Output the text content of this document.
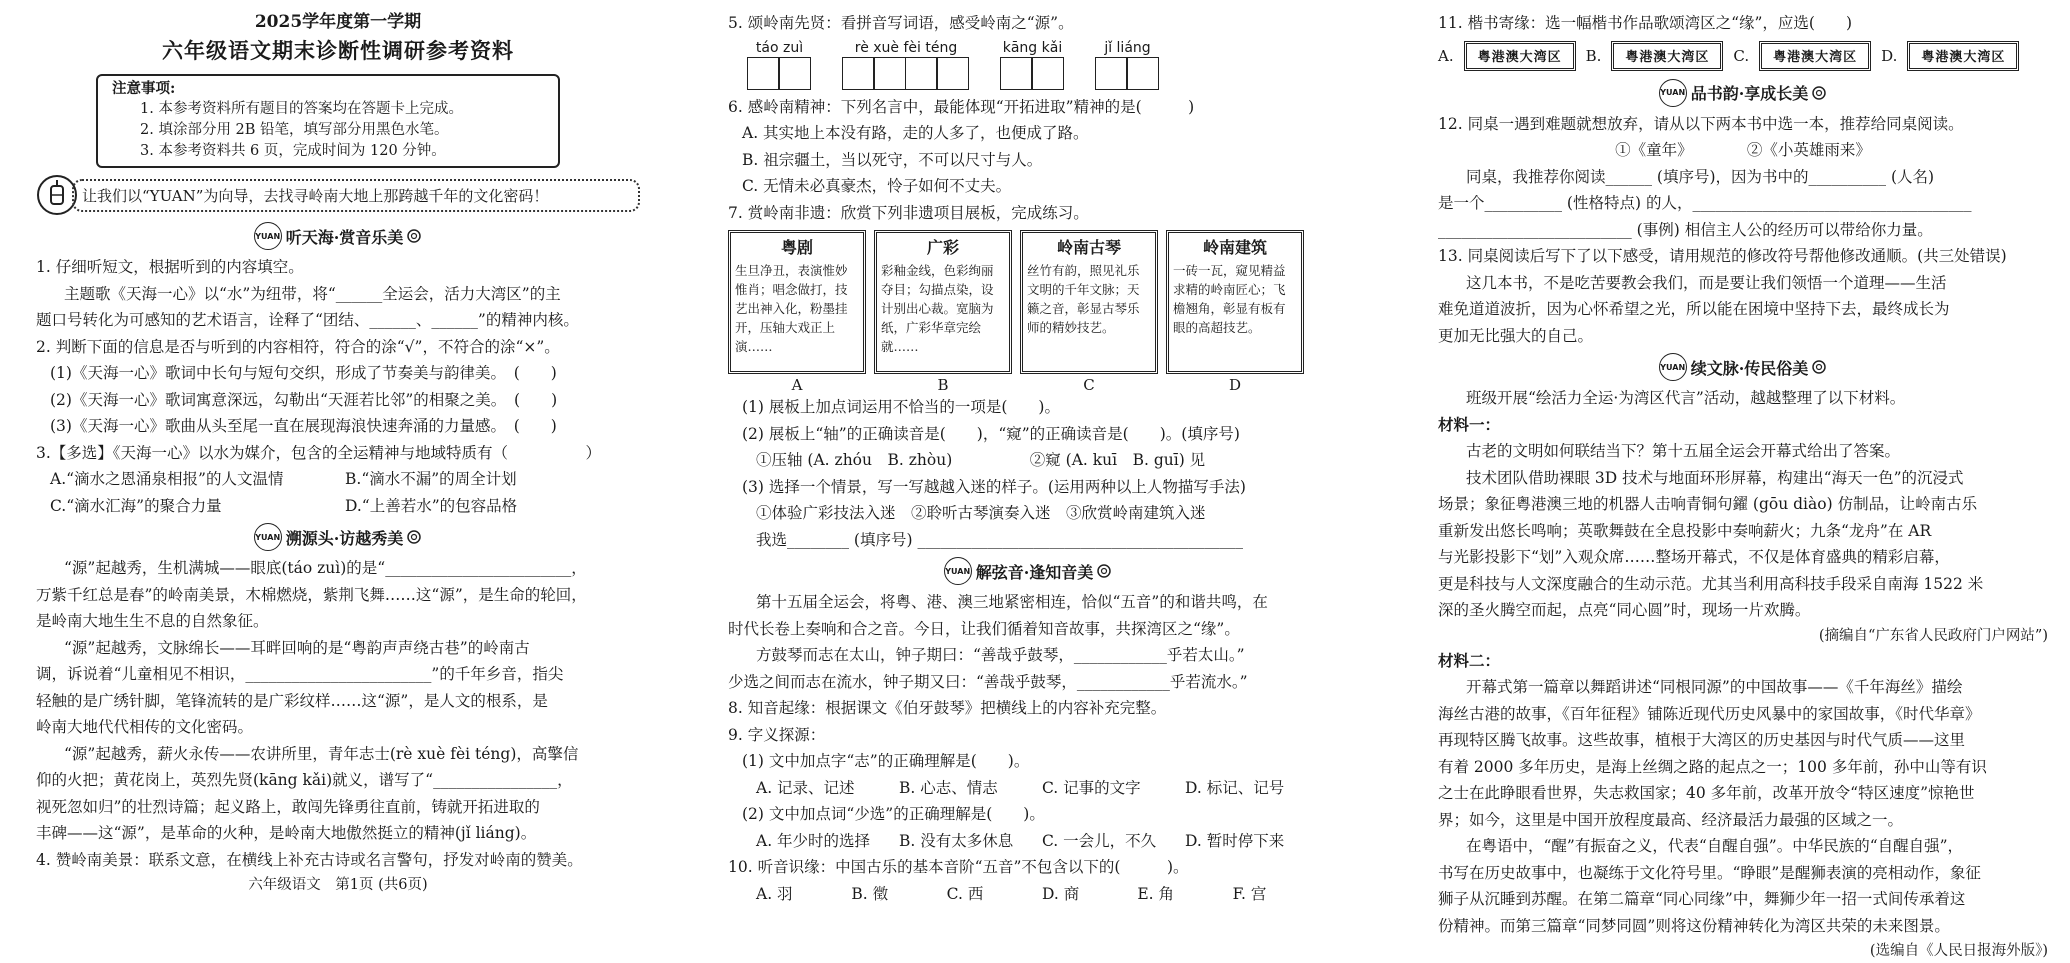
​
2025学年度第一学期
六年级语文期末诊断性调研参考资料
注意事项:
1. 本参考资料所有题目的答案均在答题卡上完成。
2. 填涂部分用 2B 铅笔，填写部分用黑色水笔。
3. 本参考资料共 6 页，完成时间为 120 分钟。
让我们以“YUAN”为向导，去找寻岭南大地上那跨越千年的文化密码！
YUAN 听天海·赏音乐美
1. 仔细听短文，根据听到的内容填空。
主题歌《天海一心》以“水”为纽带，将“______全运会，活力大湾区”的主
题口号转化为可感知的艺术语言，诠释了“团结、______、______”的精神内核。
2. 判断下面的信息是否与听到的内容相符，符合的涂“√”，不符合的涂“×”。
(1)《天海一心》歌词中长句与短句交织，形成了节奏美与韵律美。　(　　)
(2)《天海一心》歌词寓意深远，勾勒出“天涯若比邻”的相聚之美。　(　　)
(3)《天海一心》歌曲从头至尾一直在展现海浪快速奔涌的力量感。　(　　)
3.【多选】《天海一心》以水为媒介，包含的全运精神与地域特质有（　　　　　）
A.“滴水之恩涌泉相报”的人文温情	B.“滴水不漏”的周全计划
C.“滴水汇海”的聚合力量	D.“上善若水”的包容品格
YUAN 溯源头·访越秀美
“源”起越秀，生机满城——眼底(táo zuì)的是“________________________，
万紫千红总是春”的岭南美景，木棉燃烧，紫荆飞舞……这“源”，是生命的轮回，
是岭南大地生生不息的自然象征。
“源”起越秀，文脉绵长——耳畔回响的是“粤韵声声绕古巷”的岭南古
调，诉说着“儿童相见不相识，________________________”的千年乡音，指尖
轻触的是广绣针脚，笔锋流转的是广彩纹样……这“源”，是人文的根系，是
岭南大地代代相传的文化密码。
“源”起越秀，薪火永传——农讲所里，青年志士(rè xuè fèi téng)，高擎信
仰的火把；黄花岗上，英烈先贤(kāng kǎi)就义，谱写了“________________，
视死忽如归”的壮烈诗篇；起义路上，敢闯先锋勇往直前，铸就开拓进取的
丰碑——这“源”，是革命的火种，是岭南大地傲然挺立的精神(jǐ liáng)。
4. 赞岭南美景：联系文意，在横线上补充古诗或名言警句，抒发对岭南的赞美。
六年级语文　第1页 (共6页)
5. 颂岭南先贤：看拼音写词语，感受岭南之“源”。
táo zuì	rè xuè fèi téng	kāng kǎi	jǐ liáng
6. 感岭南精神：下列名言中，最能体现“开拓进取”精神的是(　　　)
A. 其实地上本没有路，走的人多了，也便成了路。
B. 祖宗疆土，当以死守，不可以尺寸与人。
C. 无情未必真豪杰，怜子如何不丈夫。
7. 赏岭南非遗：欣赏下列非遗项目展板，完成练习。
粤剧
生旦净丑，表演惟妙惟肖；唱念做打，技艺出神入化，粉墨挂开，压轴大戏正上演……
广彩
彩釉金线，色彩绚丽夺目；勾描点染，设计别出心裁。宽脑为纸，广彩华章完绘就……
岭南古琴
丝竹有韵，照见礼乐文明的千年文脉；天籁之音，彰显古琴乐师的精妙技艺。
岭南建筑
一砖一瓦，窥见精益求精的岭南匠心；飞檐翘角，彰显有板有眼的高超技艺。
A	B	C	D
(1) 展板上加点词运用不恰当的一项是(　　)。
(2) 展板上“轴”的正确读音是(　　)，“窥”的正确读音是(　　)。(填序号)
①压轴 (A. zhóu　B. zhòu)　　　　　②窥 (A. kuī　B. guī) 见
(3) 选择一个情景，写一写越越入迷的样子。(运用两种以上人物描写手法)
①体验广彩技法入迷　②聆听古琴演奏入迷　③欣赏岭南建筑入迷
我选________ (填序号) __________________________________________
YUAN 解弦音·逢知音美
第十五届全运会，将粤、港、澳三地紧密相连，恰似“五音”的和谐共鸣，在
时代长卷上奏响和合之音。今日，让我们循着知音故事，共探湾区之“缘”。
方鼓琴而志在太山，钟子期曰：“善哉乎鼓琴，____________乎若太山。”
少选之间而志在流水，钟子期又曰：“善哉乎鼓琴，____________乎若流水。”
8. 知音起缘：根据课文《伯牙鼓琴》把横线上的内容补充完整。
9. 字义探源：
(1) 文中加点字“志”的正确理解是(　　)。
A. 记录、记述	B. 心志、情志	C. 记事的文字	D. 标记、记号
(2) 文中加点词“少选”的正确理解是(　　)。
A. 年少时的选择	B. 没有太多休息	C. 一会儿，不久	D. 暂时停下来
10. 听音识缘：中国古乐的基本音阶“五音”不包含以下的(　　　)。
A. 羽	B. 徵	C. 西	D. 商	E. 角	F. 宫
11. 楷书寄缘：选一幅楷书作品歌颂湾区之“缘”，应选(　　)
A.	粤港澳大湾区	B.	粤港澳大湾区	C.	粤港澳大湾区	D.	粤港澳大湾区
YUAN 品书韵·享成长美
12. 同桌一遇到难题就想放弃，请从以下两本书中选一本，推荐给同桌阅读。
①《童年》　　　　②《小英雄雨来》
同桌，我推荐你阅读______ (填序号)，因为书中的__________ (人名)
是一个__________ (性格特点) 的人，____________________________________
_________________________ (事例) 相信主人公的经历可以带给你力量。
13. 同桌阅读后写下了以下感受，请用规范的修改符号帮他修改通顺。(共三处错误)
这几本书，不是吃苦要教会我们，而是要让我们领悟一个道理——生活
难免道道波折，因为心怀希望之光，所以能在困境中坚持下去，最终成长为
更加无比强大的自己。
YUAN 续文脉·传民俗美
班级开展“绘活力全运·为湾区代言”活动，越越整理了以下材料。
材料一：
古老的文明如何联结当下？第十五届全运会开幕式给出了答案。
技术团队借助裸眼 3D 技术与地面环形屏幕，构建出“海天一色”的沉浸式
场景；象征粤港澳三地的机器人击响青铜句鑃 (gōu diào) 仿制品，让岭南古乐
重新发出悠长鸣响；英歌舞鼓在全息投影中奏响薪火；九条“龙舟”在 AR
与光影投影下“划”入观众席……整场开幕式，不仅是体育盛典的精彩启幕，
更是科技与人文深度融合的生动示范。尤其当利用高科技手段采自南海 1522 米
深的圣火腾空而起，点亮“同心圆”时，现场一片欢腾。
(摘编自“广东省人民政府门户网站”)
材料二：
开幕式第一篇章以舞蹈讲述“同根同源”的中国故事——《千年海丝》描绘
海丝古港的故事，《百年征程》铺陈近现代历史风暴中的家国故事，《时代华章》
再现特区腾飞故事。这些故事，植根于大湾区的历史基因与时代气质——这里
有着 2000 多年历史，是海上丝绸之路的起点之一；100 多年前，孙中山等有识
之士在此睁眼看世界，失志救国家；40 多年前，改革开放令“特区速度”惊艳世
界；如今，这里是中国开放程度最高、经济最活力最强的区域之一。
在粤语中，“醒”有振奋之义，代表“自醒自强”。中华民族的“自醒自强”，
书写在历史故事中，也凝练于文化符号里。“睁眼”是醒狮表演的亮相动作，象征
狮子从沉睡到苏醒。在第二篇章“同心同缘”中，舞狮少年一招一式间传承着这
份精神。而第三篇章“同梦同圆”则将这份精神转化为湾区共荣的未来图景。
(选编自《人民日报海外版》)
